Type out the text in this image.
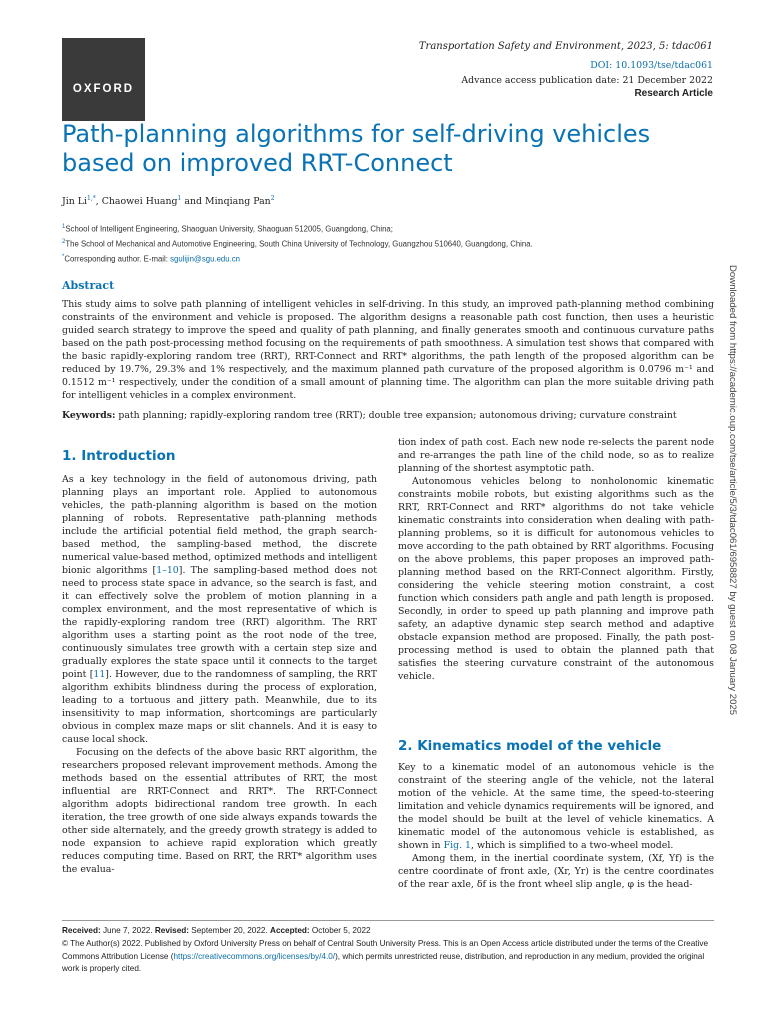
OXFORD
Transportation Safety and Environment, 2023, 5: tdac061
DOI: 10.1093/tse/tdac061
Advance access publication date: 21 December 2022
Research Article
Path-planning algorithms for self-driving vehicles based on improved RRT-Connect
Jin $Li^{1,*}$, Chaowei Huang$^1$ and Minqiang Pan$^2$
$^1$School of Intelligent Engineering, Shaoguan University, Shaoguan 512005, Guangdong, China;
$^2$The School of Mechanical and Automotive Engineering, South China University of Technology, Guangzhou 510640, Guangdong, China.
*Corresponding author. E-mail: sgulijin@sgu.edu.cn
Abstract
This study aims to solve path planning of intelligent vehicles in self-driving. In this study, an improved path-planning method combining constraints of the environment and vehicle is proposed. The algorithm designs a reasonable path cost function, then uses a heuristic guided search strategy to improve the speed and quality of path planning, and finally generates smooth and continuous curvature paths based on the path post-processing method focusing on the requirements of path smoothness. A simulation test shows that compared with the basic rapidly-exploring random tree (RRT), RRT-Connect and RRT* algorithms, the path length of the proposed algorithm can be reduced by 19.7%, 29.3% and 1% respectively, and the maximum planned path curvature of the proposed algorithm is 0.0796 m⁻¹ and 0.1512 m⁻¹ respectively, under the condition of a small amount of planning time. The algorithm can plan the more suitable driving path for intelligent vehicles in a complex environment.
Keywords: path planning; rapidly-exploring random tree (RRT); double tree expansion; autonomous driving; curvature constraint
1. Introduction

As a key technology in the field of autonomous driving, path planning plays an important role. Applied to autonomous vehicles, the path-planning algorithm is based on the motion planning of robots. Representative path-planning methods include the artificial potential field method, the graph search-based method, the sampling-based method, the discrete numerical value-based method, optimized methods and intelligent bionic algorithms [1–10]. The sampling-based method does not need to process state space in advance, so the search is fast, and it can effectively solve the problem of motion planning in a complex environment, and the most representative of which is the rapidly-exploring random tree (RRT) algorithm. The RRT algorithm uses a starting point as the root node of the tree, continuously simulates tree growth with a certain step size and gradually explores the state space until it connects to the target point [11]. However, due to the randomness of sampling, the RRT algorithm exhibits blindness during the process of exploration, leading to a tortuous and jittery path. Meanwhile, due to its insensitivity to map information, shortcomings are particularly obvious in complex maze maps or slit channels. And it is easy to cause local shock.

Focusing on the defects of the above basic RRT algorithm, the researchers proposed relevant improvement methods. Among the methods based on the essential attributes of RRT, the most influential are RRT-Connect and RRT*. The RRT-Connect algorithm adopts bidirectional random tree growth. In each iteration, the tree growth of one side always expands towards the other side alternately, and the greedy growth strategy is added to node expansion to achieve rapid exploration which greatly reduces computing time. Based on RRT, the RRT* algorithm uses the evalua-

tion index of path cost. Each new node re-selects the parent node and re-arranges the path line of the child node, so as to realize planning of the shortest asymptotic path.

Autonomous vehicles belong to nonholonomic kinematic constraints mobile robots, but existing algorithms such as the RRT, RRT-Connect and RRT* algorithms do not take vehicle kinematic constraints into consideration when dealing with path-planning problems, so it is difficult for autonomous vehicles to move according to the path obtained by RRT algorithms. Focusing on the above problems, this paper proposes an improved path-planning method based on the RRT-Connect algorithm. Firstly, considering the vehicle steering motion constraint, a cost function which considers path angle and path length is proposed. Secondly, in order to speed up path planning and improve path safety, an adaptive dynamic step search method and adaptive obstacle expansion method are proposed. Finally, the path post-processing method is used to obtain the planned path that satisfies the steering curvature constraint of the autonomous vehicle.

2. Kinematics model of the vehicle

Key to a kinematic model of an autonomous vehicle is the constraint of the steering angle of the vehicle, not the lateral motion of the vehicle. At the same time, the speed-to-steering limitation and vehicle dynamics requirements will be ignored, and the model should be built at the level of vehicle kinematics. A kinematic model of the autonomous vehicle is established, as shown in Fig. 1, which is simplified to a two-wheel model.

Among them, in the inertial coordinate system, (Xf, Yf) is the centre coordinate of front axle, (Xr, Yr) is the centre coordinates of the rear axle, δf is the front wheel slip angle, φ is the head-

Downloaded from https://academic.oup.com/tse/article/5/3/tdac061/6958827 by guest on 08 January 2025
Received: June 7, 2022. Revised: September 20, 2022. Accepted: October 5, 2022
© The Author(s) 2022. Published by Oxford University Press on behalf of Central South University Press. This is an Open Access article distributed under the terms of the Creative Commons Attribution License (https://creativecommons.org/licenses/by/4.0/), which permits unrestricted reuse, distribution, and reproduction in any medium, provided the original work is properly cited.
